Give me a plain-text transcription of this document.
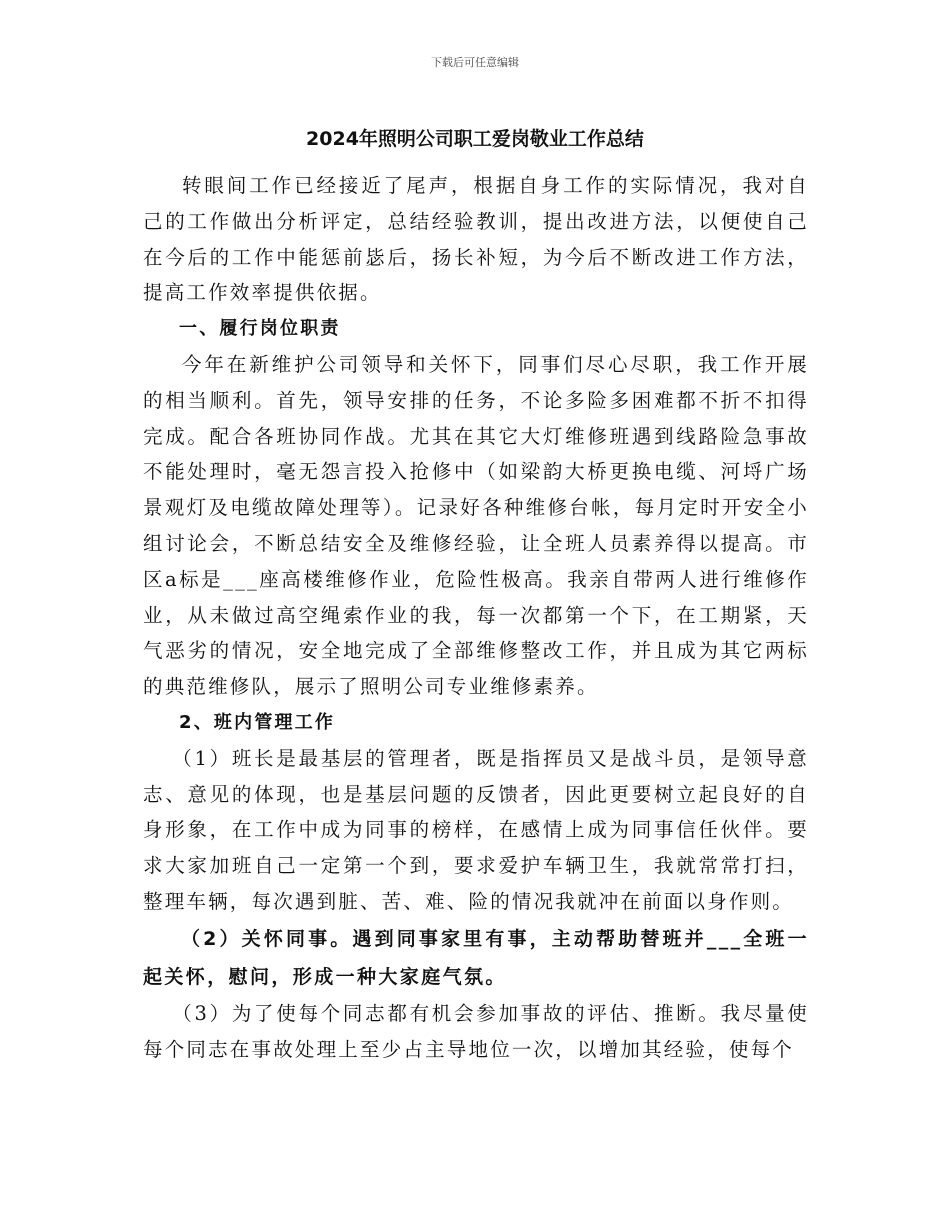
下载后可任意编辑
2024年照明公司职工爱岗敬业工作总结

转眼间工作已经接近了尾声，根据自身工作的实际情况，我对自己的工作做出分析评定，总结经验教训，提出改进方法，以便使自己在今后的工作中能惩前毖后，扬长补短，为今后不断改进工作方法，提高工作效率提供依据。

一、履行岗位职责

今年在新维护公司领导和关怀下，同事们尽心尽职，我工作开展的相当顺利。首先，领导安排的任务，不论多险多困难都不折不扣得完成。配合各班协同作战。尤其在其它大灯维修班遇到线路险急事故不能处理时，毫无怨言投入抢修中（如梁韵大桥更换电缆、河埒广场景观灯及电缆故障处理等）。记录好各种维修台帐，每月定时开安全小组讨论会，不断总结安全及维修经验，让全班人员素养得以提高。市区a标是___座高楼维修作业，危险性极高。我亲自带两人进行维修作业，从未做过高空绳索作业的我，每一次都第一个下，在工期紧，天气恶劣的情况，安全地完成了全部维修整改工作，并且成为其它两标的典范维修队，展示了照明公司专业维修素养。

2、班内管理工作

（1）班长是最基层的管理者，既是指挥员又是战斗员，是领导意志、意见的体现，也是基层问题的反馈者，因此更要树立起良好的自身形象，在工作中成为同事的榜样，在感情上成为同事信任伙伴。要求大家加班自己一定第一个到，要求爱护车辆卫生，我就常常打扫，整理车辆，每次遇到脏、苦、难、险的情况我就冲在前面以身作则。

（2）关怀同事。遇到同事家里有事，主动帮助替班并___全班一起关怀，慰问，形成一种大家庭气氛。

（3）为了使每个同志都有机会参加事故的评估、推断。我尽量使每个同志在事故处理上至少占主导地位一次，以增加其经验，使每个
